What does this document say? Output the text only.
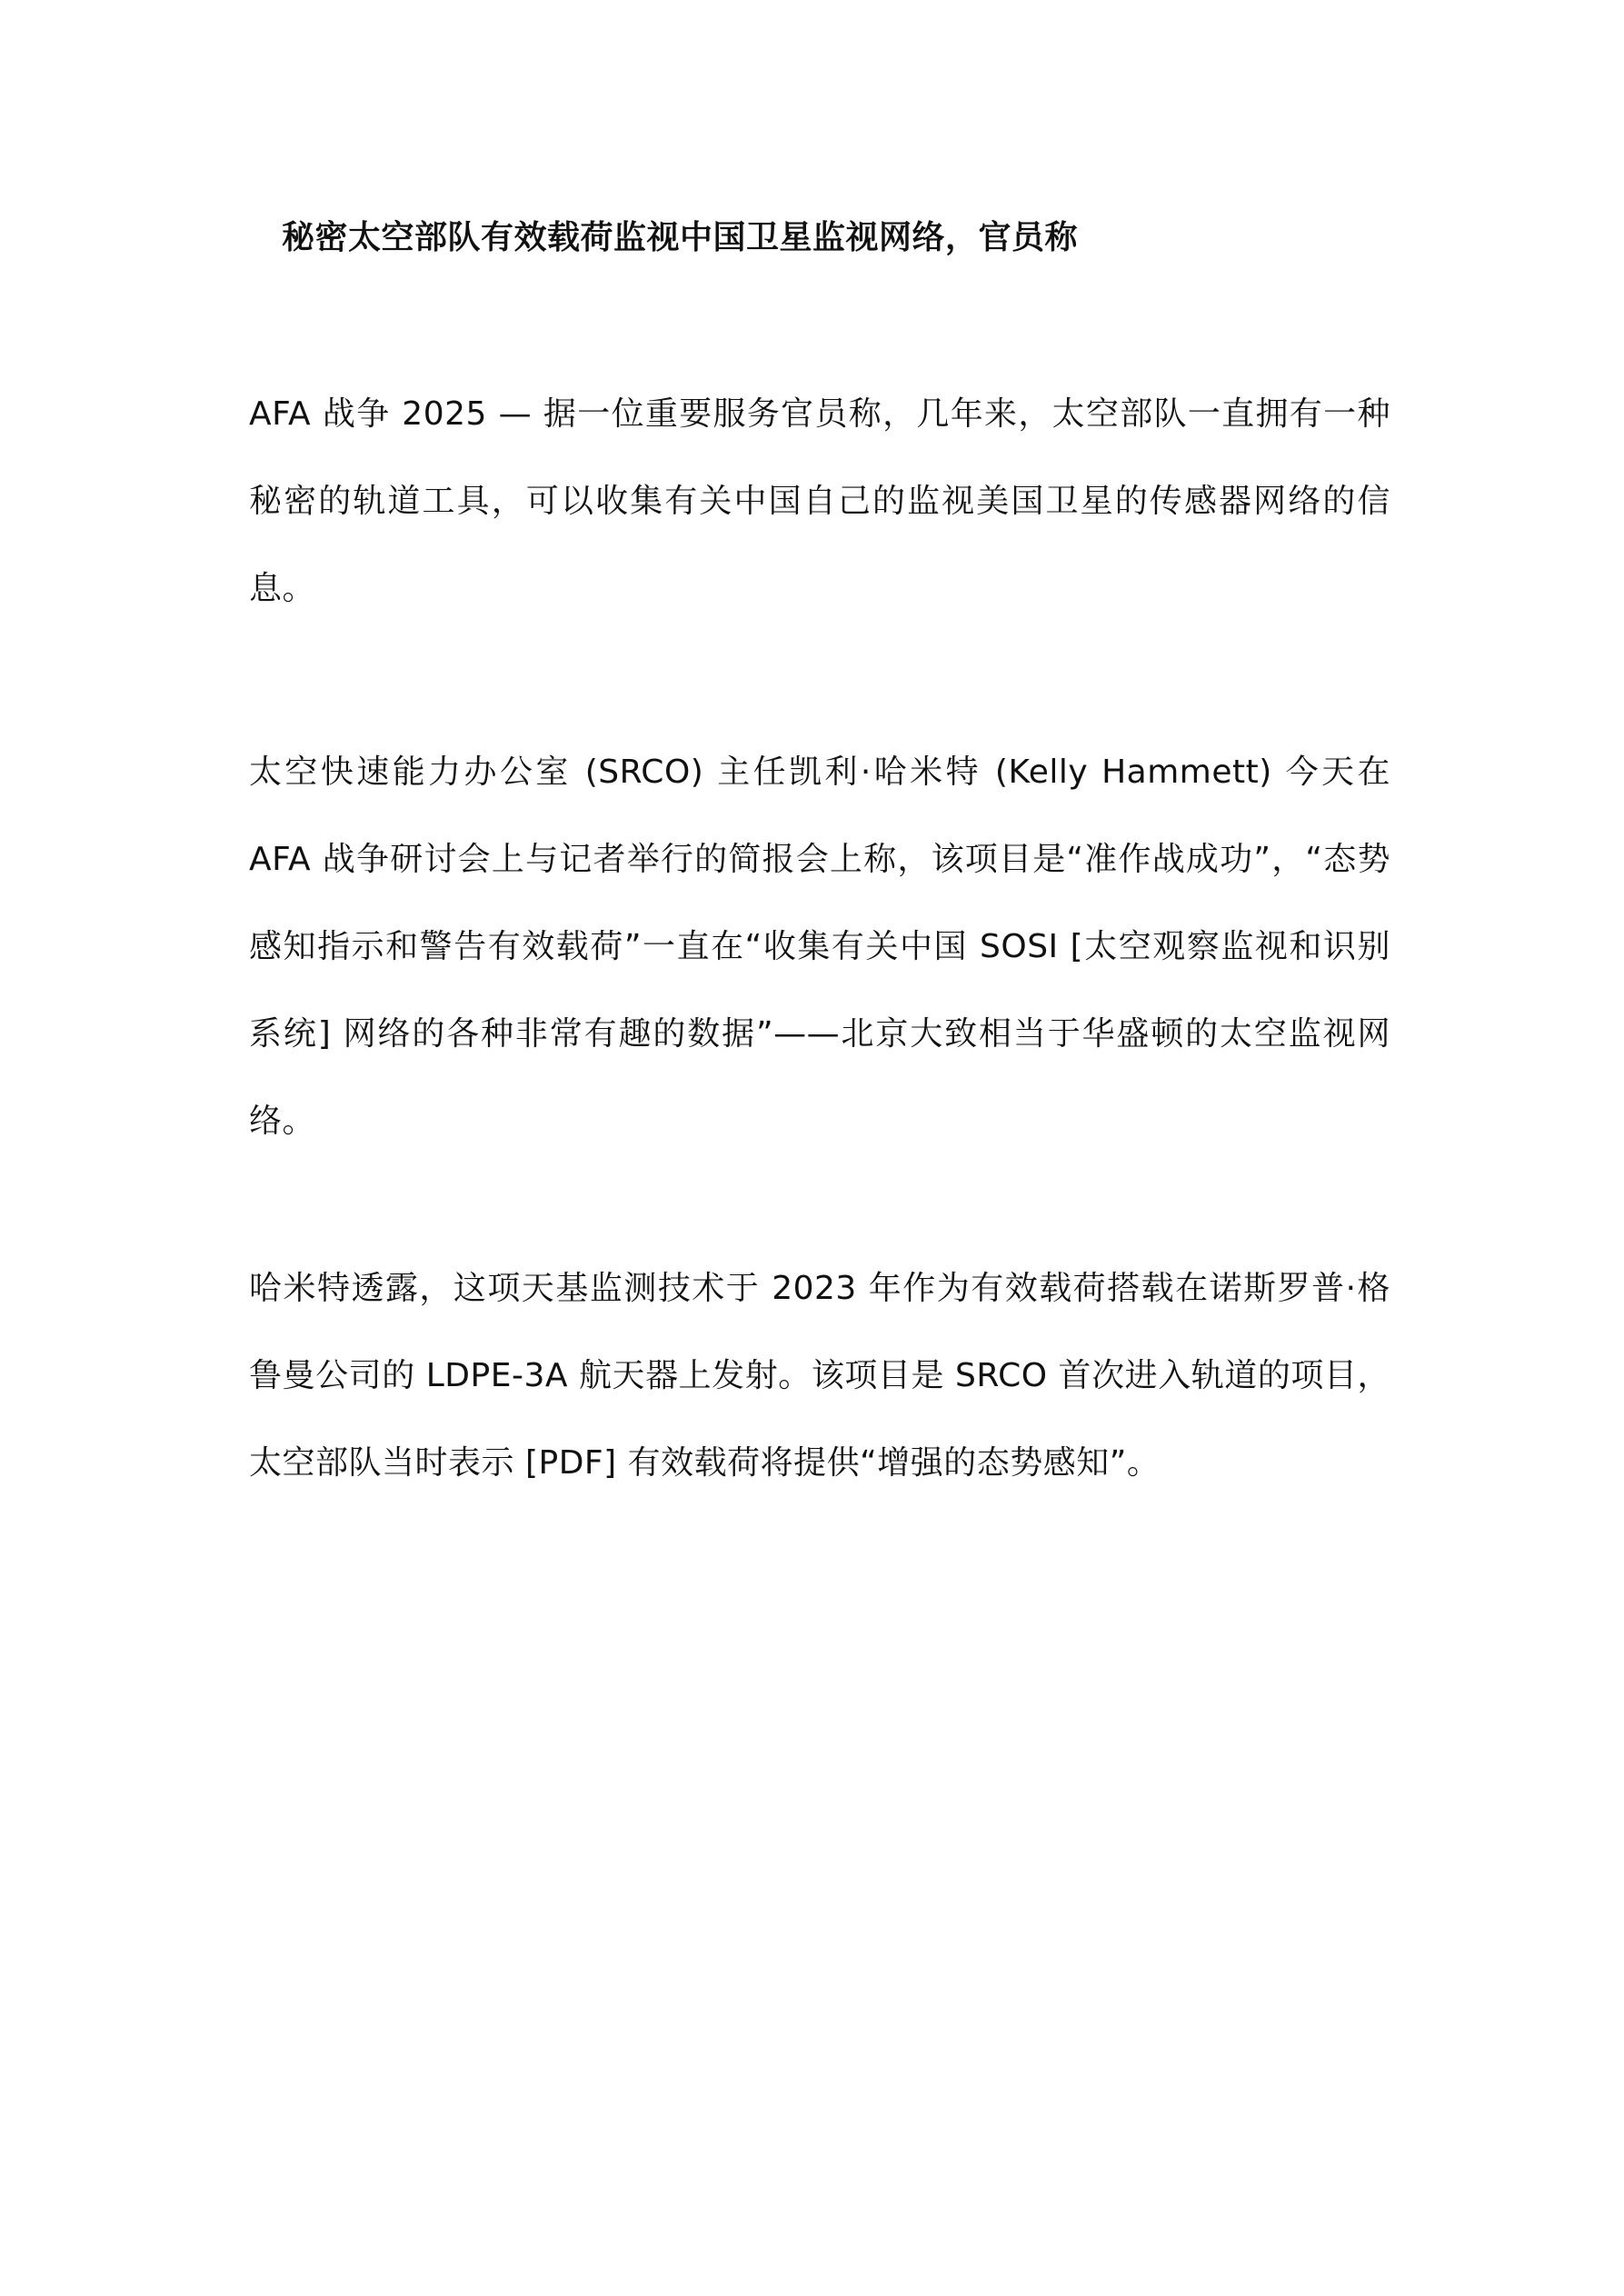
秘密太空部队有效载荷监视中国卫星监视网络，官员称

AFA 战争 2025 — 据一位重要服务官员称，几年来，太空部队一直拥有一种秘密的轨道工具，可以收集有关中国自己的监视美国卫星的传感器网络的信息。

太空快速能力办公室 (SRCO) 主任凯利·哈米特 (Kelly Hammett) 今天在 AFA 战争研讨会上与记者举行的简报会上称，该项目是“准作战成功”，“态势感知指示和警告有效载荷”一直在“收集有关中国 SOSI [太空观察监视和识别系统] 网络的各种非常有趣的数据”——北京大致相当于华盛顿的太空监视网络。

哈米特透露，这项天基监测技术于 2023 年作为有效载荷搭载在诺斯罗普·格鲁曼公司的 LDPE-3A 航天器上发射。该项目是 SRCO 首次进入轨道的项目，太空部队当时表示 [PDF] 有效载荷将提供“增强的态势感知”。
